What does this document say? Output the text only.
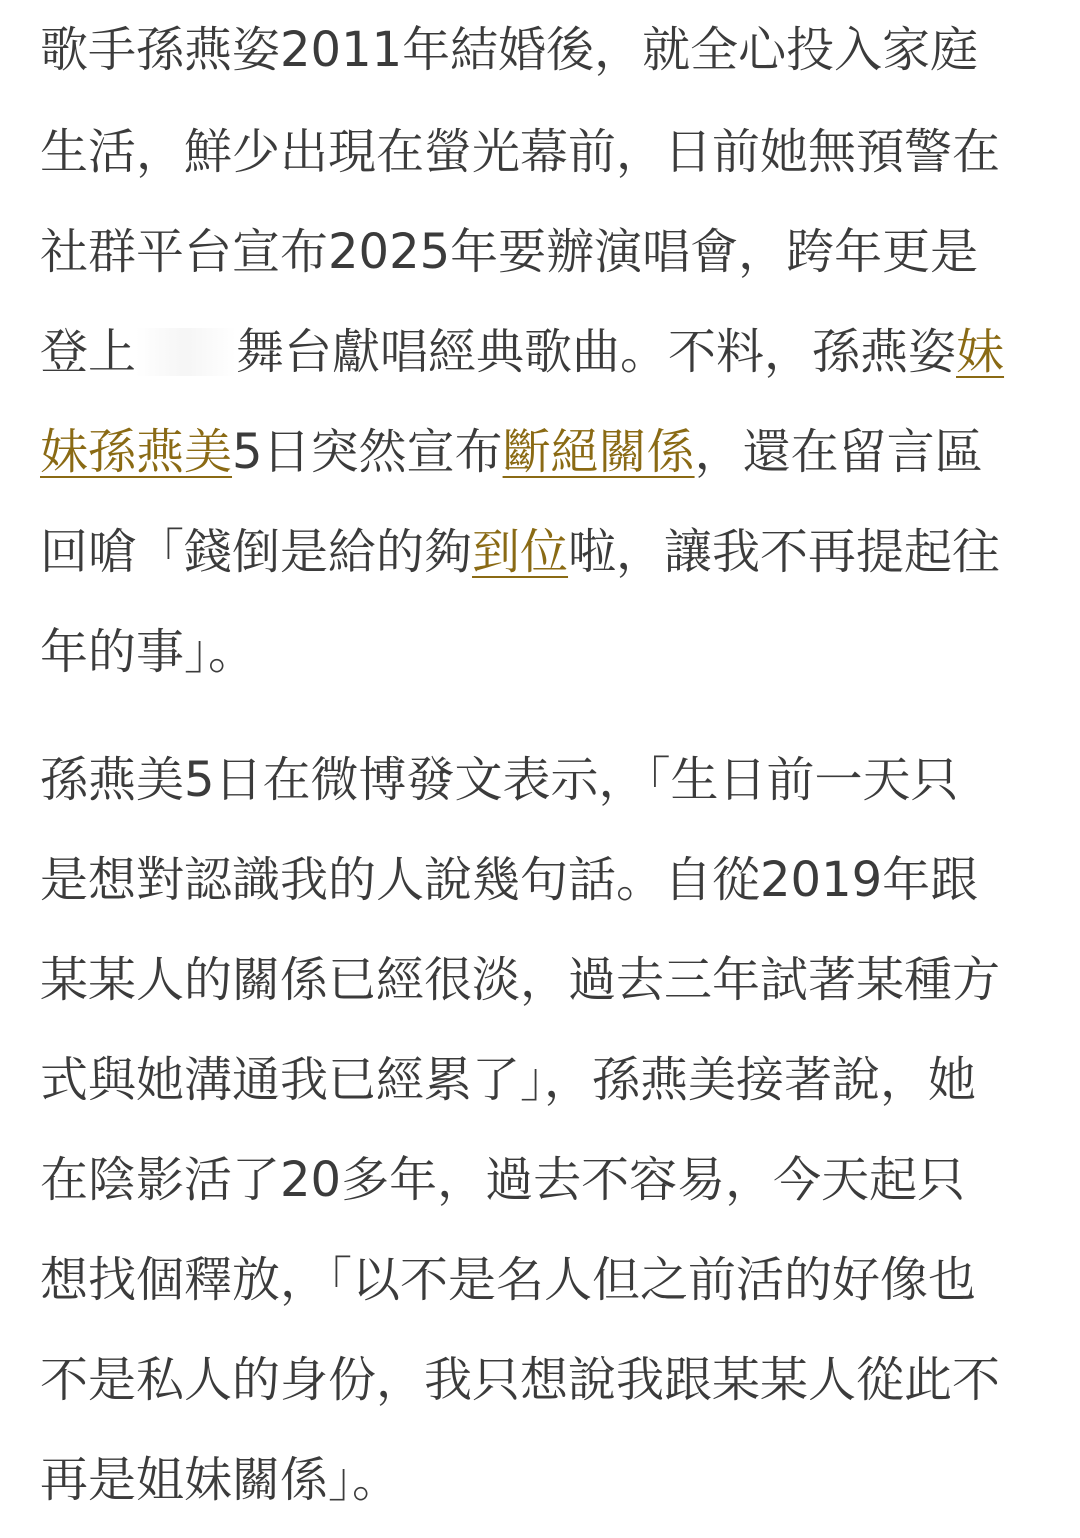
歌手孫燕姿2011年結婚後，就全心投入家庭
生活，鮮少出現在螢光幕前，日前她無預警在
社群平台宣布2025年要辦演唱會，跨年更是
登上 舞台獻唱經典歌曲。不料，孫燕姿妹
妹孫燕美5日突然宣布斷絕關係，還在留言區
回嗆「錢倒是給的夠到位啦，讓我不再提起往
年的事」。
孫燕美5日在微博發文表示，「生日前一天只
是想對認識我的人說幾句話。自從2019年跟
某某人的關係已經很淡，過去三年試著某種方
式與她溝通我已經累了」，孫燕美接著說，她
在陰影活了20多年，過去不容易，今天起只
想找個釋放，「以不是名人但之前活的好像也
不是私人的身份，我只想說我跟某某人從此不
再是姐妹關係」。
